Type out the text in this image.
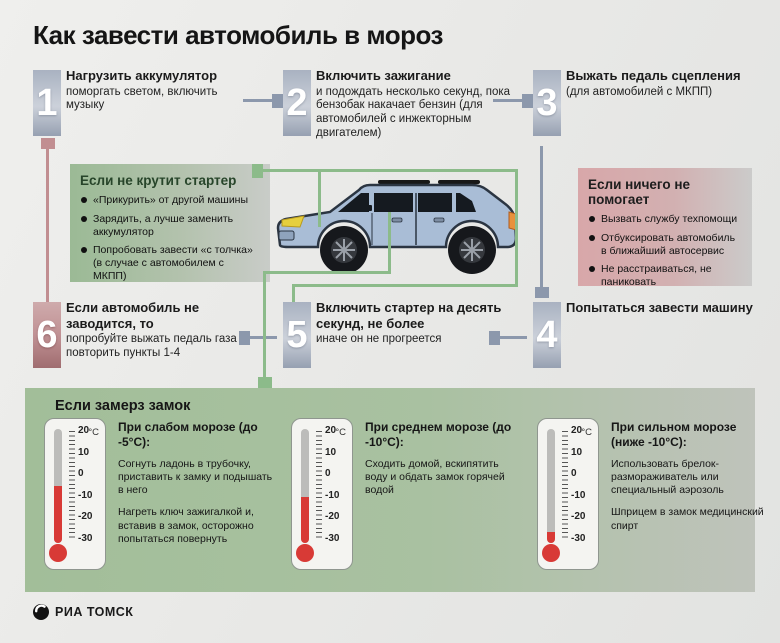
Как завести автомобиль в мороз
1	2	3
6	5	4
Нагрузить аккумулятор
поморгать светом, включить музыку
Включить зажигание
и подождать несколько секунд, пока бензобак накачает бензин (для автомобилей с инжекторным двигателем)
Выжать педаль сцепления
(для автомобилей с МКПП)
Если автомобиль не заводится, то
попробуйте выжать педаль газа и повторить пункты 1-4
Включить стартер на десять секунд, не более
иначе он не прогреется
Попытаться завести машину
Если не крутит стартер
«Прикурить» от другой машины
Зарядить, а лучше заменить аккумулятор
Попробовать завести «с толчка» (в случае с автомобилем с МКПП)
Если ничего не помогает
Вызвать службу техпомощи
Отбуксировать автомобиль в ближайший автосервис
Не расстраиваться, не паниковать
Если замерз замок
20
10
0
-10
-20
-30
°C При слабом морозе (до -5°С):

Согнуть ладонь в трубочку, приставить к замку и подышать в него

Нагреть ключ зажигалкой и, вставив в замок, осторожно попытаться повернуть

20
10
0
-10
-20
-30
°C При среднем морозе (до -10°С):

Сходить домой, вскипятить воду и обдать замок горячей водой

20
10
0
-10
-20
-30
°C При сильном морозе (ниже -10°С):

Использовать брелок-размораживатель или специальный аэрозоль

Шприцем в замок медицинский спирт

РИА ТОМСК
